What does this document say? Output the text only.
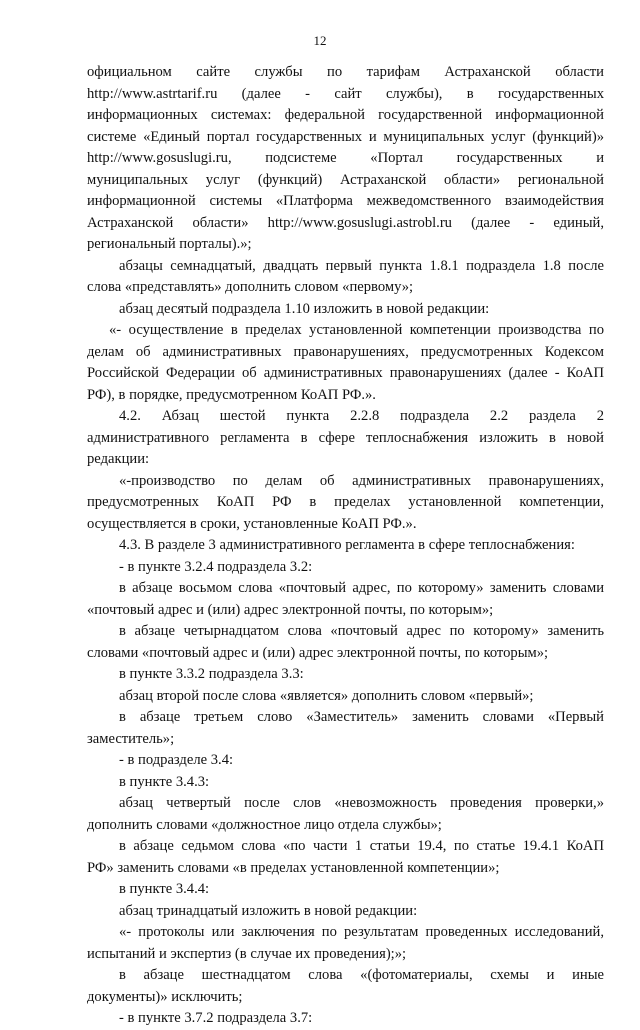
12
официальном сайте службы по тарифам Астраханской области
http://www.astrtarif.ru (далее - сайт службы), в государственных
информационных системах: федеральной государственной информационной
системе «Единый портал государственных и муниципальных услуг (функций)»
http://www.gosuslugi.ru, подсистеме «Портал государственных и
муниципальных услуг (функций) Астраханской области» региональной
информационной системы «Платформа межведомственного взаимодействия
Астраханской области» http://www.gosuslugi.astrobl.ru (далее - единый,
региональный порталы).»;
абзацы семнадцатый, двадцать первый пункта 1.8.1 подраздела 1.8 после
слова «представлять» дополнить словом «первому»;
абзац десятый подраздела 1.10 изложить в новой редакции:
«- осуществление в пределах установленной компетенции производства по
делам об административных правонарушениях, предусмотренных Кодексом
Российской Федерации об административных правонарушениях (далее - КоАП
РФ), в порядке, предусмотренном КоАП РФ.».
4.2. Абзац шестой пункта 2.2.8 подраздела 2.2 раздела 2
административного регламента в сфере теплоснабжения изложить в новой
редакции:
«-производство по делам об административных правонарушениях,
предусмотренных КоАП РФ в пределах установленной компетенции,
осуществляется в сроки, установленные КоАП РФ.».
4.3. В разделе 3 административного регламента в сфере теплоснабжения:
- в пункте 3.2.4 подраздела 3.2:
в абзаце восьмом слова «почтовый адрес, по которому» заменить словами
«почтовый адрес и (или) адрес электронной почты, по которым»;
в абзаце четырнадцатом слова «почтовый адрес по которому» заменить
словами «почтовый адрес и (или) адрес электронной почты, по которым»;
в пункте 3.3.2 подраздела 3.3:
абзац второй после слова «является» дополнить словом «первый»;
в абзаце третьем слово «Заместитель» заменить словами «Первый
заместитель»;
- в подразделе 3.4:
в пункте 3.4.3:
абзац четвертый после слов «невозможность проведения проверки,»
дополнить словами «должностное лицо отдела службы»;
в абзаце седьмом слова «по части 1 статьи 19.4, по статье 19.4.1 КоАП
РФ» заменить словами «в пределах установленной компетенции»;
в пункте 3.4.4:
абзац тринадцатый изложить в новой редакции:
«- протоколы или заключения по результатам проведенных исследований,
испытаний и экспертиз (в случае их проведения);»;
в абзаце шестнадцатом слова «(фотоматериалы, схемы и иные
документы)» исключить;
- в пункте 3.7.2 подраздела 3.7:
